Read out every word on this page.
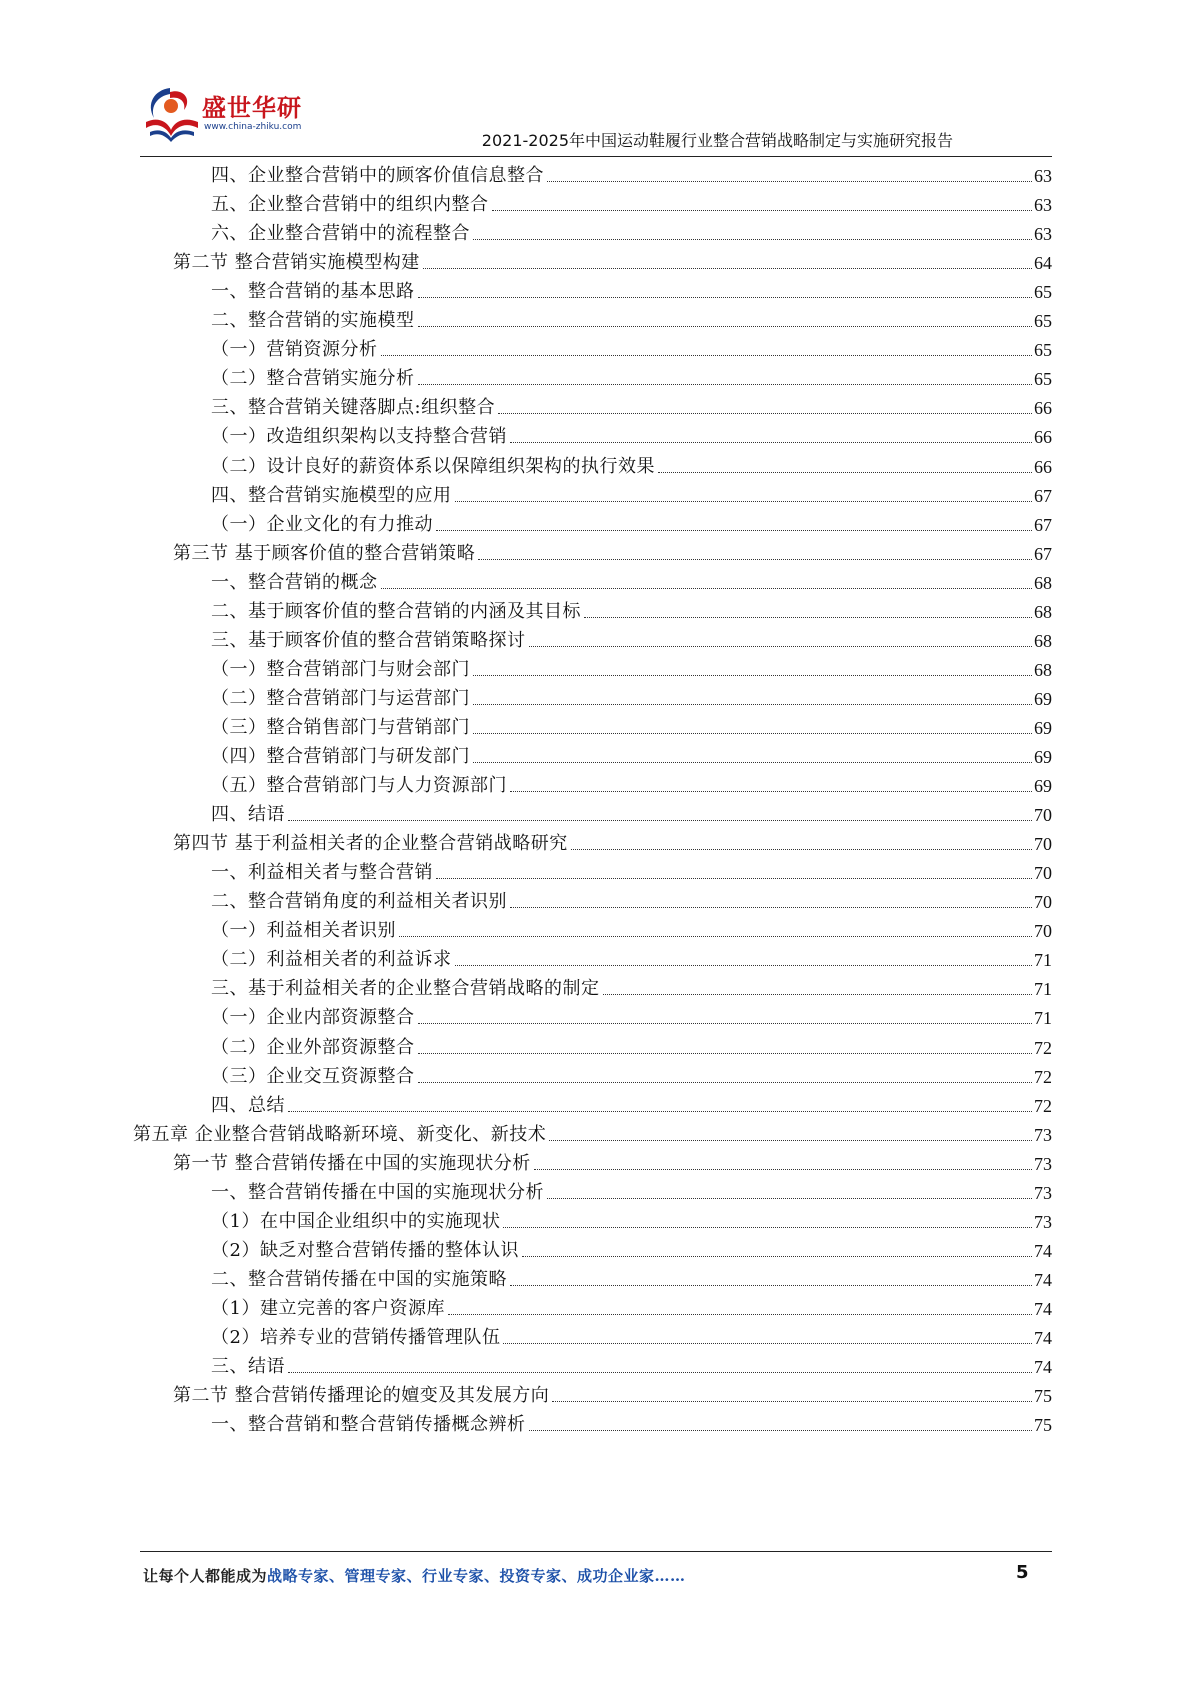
盛世华研
www.china-zhiku.com
2021-2025年中国运动鞋履行业整合营销战略制定与实施研究报告
四、企业整合营销中的顾客价值信息整合	63
五、企业整合营销中的组织内整合	63
六、企业整合营销中的流程整合	63
第二节 整合营销实施模型构建	64
一、整合营销的基本思路	65
二、整合营销的实施模型	65
（一）营销资源分析	65
（二）整合营销实施分析	65
三、整合营销关键落脚点:组织整合	66
（一）改造组织架构以支持整合营销	66
（二）设计良好的薪资体系以保障组织架构的执行效果	66
四、整合营销实施模型的应用	67
（一）企业文化的有力推动	67
第三节 基于顾客价值的整合营销策略	67
一、整合营销的概念	68
二、基于顾客价值的整合营销的内涵及其目标	68
三、基于顾客价值的整合营销策略探讨	68
（一）整合营销部门与财会部门	68
（二）整合营销部门与运营部门	69
（三）整合销售部门与营销部门	69
（四）整合营销部门与研发部门	69
（五）整合营销部门与人力资源部门	69
四、结语	70
第四节 基于利益相关者的企业整合营销战略研究	70
一、利益相关者与整合营销	70
二、整合营销角度的利益相关者识别	70
（一）利益相关者识别	70
（二）利益相关者的利益诉求	71
三、基于利益相关者的企业整合营销战略的制定	71
（一）企业内部资源整合	71
（二）企业外部资源整合	72
（三）企业交互资源整合	72
四、总结	72
第五章 企业整合营销战略新环境、新变化、新技术	73
第一节 整合营销传播在中国的实施现状分析	73
一、整合营销传播在中国的实施现状分析	73
（1）在中国企业组织中的实施现状	73
（2）缺乏对整合营销传播的整体认识	74
二、整合营销传播在中国的实施策略	74
（1）建立完善的客户资源库	74
（2）培养专业的营销传播管理队伍	74
三、结语	74
第二节 整合营销传播理论的嬗变及其发展方向	75
一、整合营销和整合营销传播概念辨析	75
让每个人都能成为战略专家、管理专家、行业专家、投资专家、成功企业家……	5
